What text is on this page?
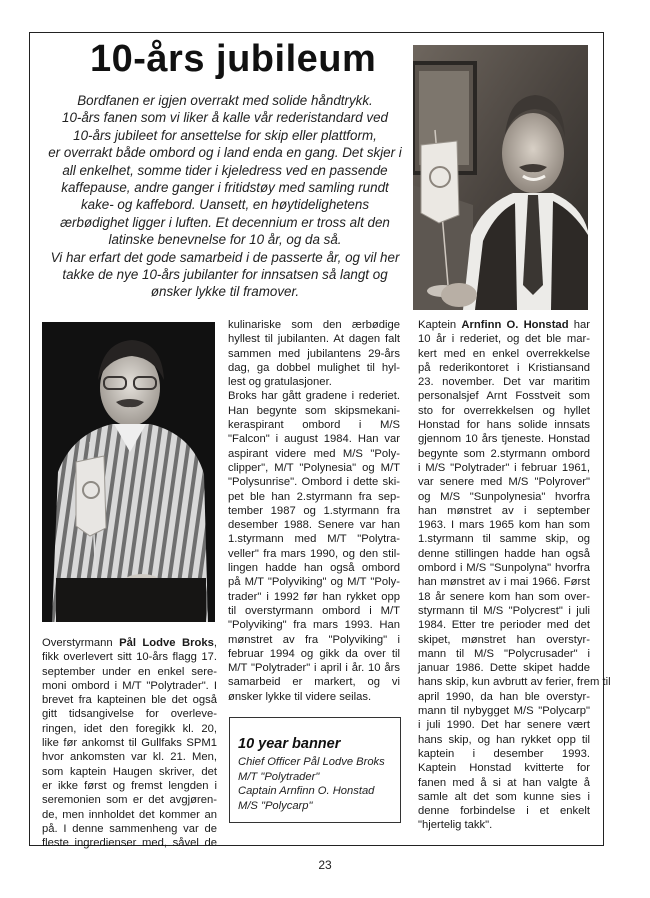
10-års jubileum
Bordfanen er igjen overrakt med solide håndtrykk.
10-års fanen som vi liker å kalle vår rederistandard ved
10-års jubileet for ansettelse for skip eller plattform,
er overrakt både ombord og i land enda en gang. Det skjer i
all enkelhet, somme tider i kjeledress ved en passende
kaffepause, andre ganger i fritidstøy med samling rundt
kake- og kaffebord. Uansett, en høytidelighetens
ærbødighet ligger i luften. Et decennium er tross alt den
latinske benevnelse for 10 år, og da så.
Vi har erfart det gode samarbeid i de passerte år, og vil her
takke de nye 10-års jubilanter for innsatsen så langt og
ønsker lykke til framover.
Overstyrmann Pål Lodve Broks,
fikk overlevert sitt 10-års flagg 17.
september under en enkel sere-
moni ombord i M/T "Polytrader". I
brevet fra kapteinen ble det også
gitt tidsangivelse for overleve-
ringen, idet den foregikk kl. 20,
like før ankomst til Gullfaks SPM1
hvor ankomsten var kl. 21. Men,
som kaptein Haugen skriver, det
er ikke først og fremst lengden i
seremonien som er det avgjøren-
de, men innholdet det kommer an
på. I denne sammenheng var de
fleste ingredienser med, såvel de
kulinariske som den ærbødige
hyllest til jubilanten. At dagen falt
sammen med jubilantens 29-års
dag, ga dobbel mulighet til hyl-
lest og gratulasjoner.
Broks har gått gradene i rederiet.
Han begynte som skipsmekani-
keraspirant ombord i M/S
"Falcon" i august 1984. Han var
aspirant videre med M/S "Poly-
clipper", M/T "Polynesia" og M/T
"Polysunrise". Ombord i dette ski-
pet ble han 2.styrmann fra sep-
tember 1987 og 1.styrmann fra
desember 1988. Senere var han
1.styrmann med M/T "Polytra-
veller" fra mars 1990, og den stil-
lingen hadde han også ombord
på M/T "Polyviking" og M/T "Poly-
trader" i 1992 før han rykket opp
til overstyrmann ombord i M/T
"Polyviking" fra mars 1993. Han
mønstret av fra "Polyviking" i
februar 1994 og gikk da over til
M/T "Polytrader" i april i år. 10 års
samarbeid er markert, og vi
ønsker lykke til videre seilas.
10 year banner
Chief Officer Pål Lodve Broks
M/T "Polytrader"
Captain Arnfinn O. Honstad
M/S "Polycarp"
Kaptein Arnfinn O. Honstad har
10 år i rederiet, og det ble mar-
kert med en enkel overrekkelse
på rederikontoret i Kristiansand
23. november. Det var maritim
personalsjef Arnt Fosstveit som
sto for overrekkelsen og hyllet
Honstad for hans solide innsats
gjennom 10 års tjeneste. Honstad
begynte som 2.styrmann ombord
i M/S "Polytrader" i februar 1961,
var senere med M/S "Polyrover"
og M/S "Sunpolynesia" hvorfra
han mønstret av i september
1963. I mars 1965 kom han som
1.styrmann til samme skip, og
denne stillingen hadde han også
ombord i M/S "Sunpolyna" hvorfra
han mønstret av i mai 1966. Først
18 år senere kom han som over-
styrmann til M/S "Polycrest" i juli
1984. Etter tre perioder med det
skipet, mønstret han overstyr-
mann til M/S "Polycrusader" i
januar 1986. Dette skipet hadde
hans skip, kun avbrutt av ferier, frem til
april 1990, da han ble overstyr-
mann til nybygget M/S "Polycarp"
i juli 1990. Det har senere vært
hans skip, og han rykket opp til
kaptein i desember 1993.
Kaptein Honstad kvitterte for
fanen med å si at han valgte å
samle alt det som kunne sies i
denne forbindelse i et enkelt
"hjertelig takk".
23
